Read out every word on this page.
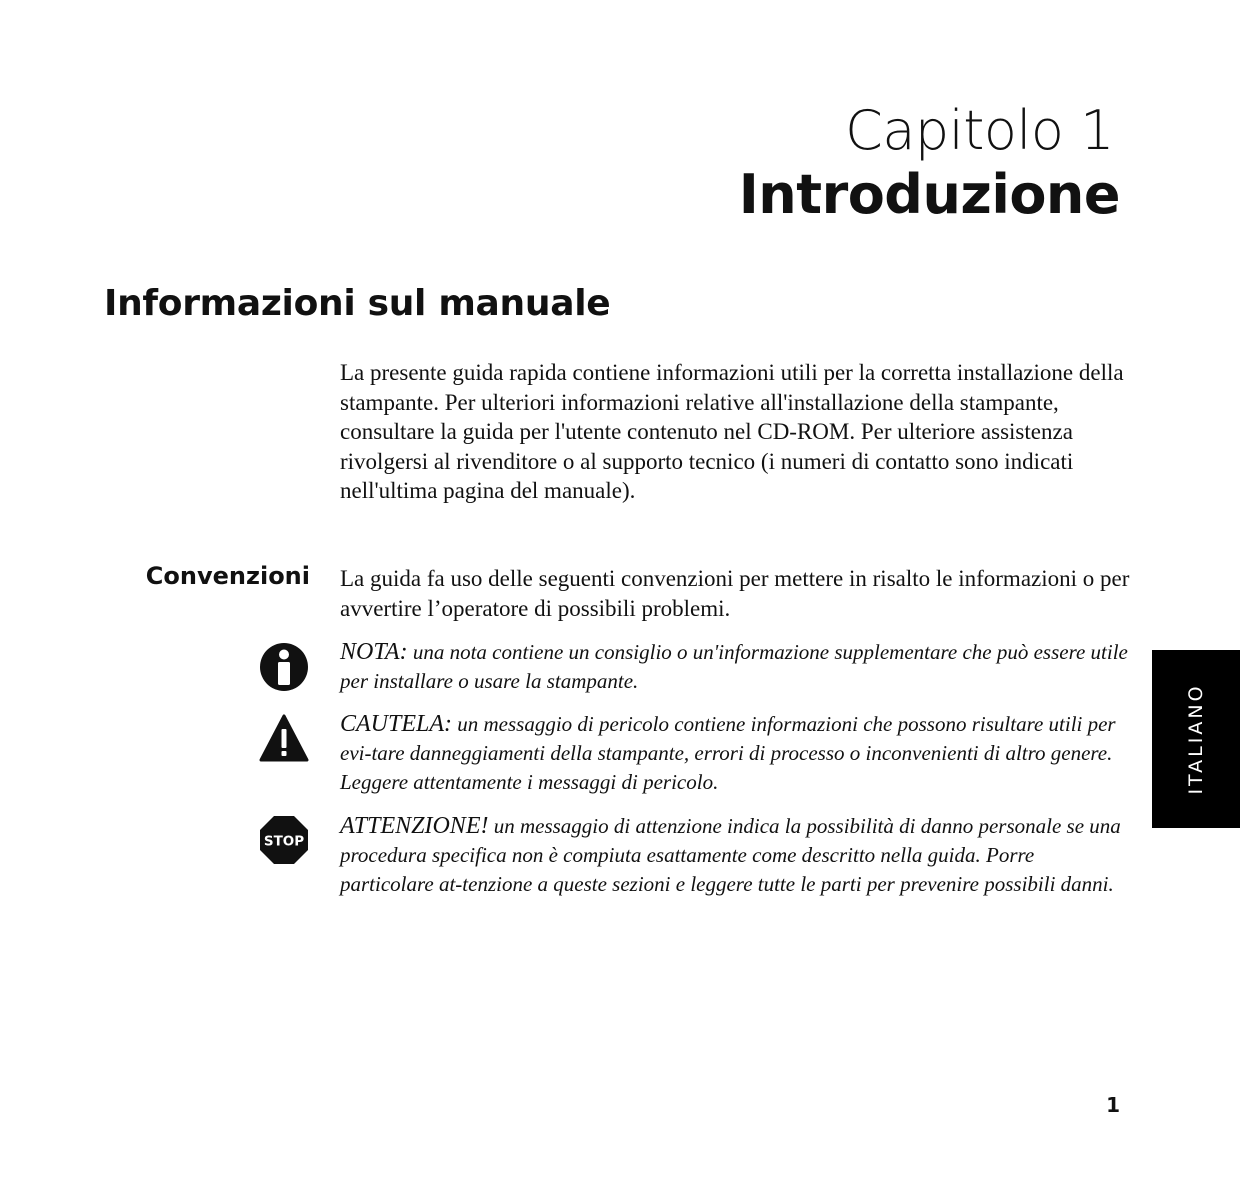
Capitolo 1
Introduzione
Informazioni sul manuale

La presente guida rapida contiene informazioni utili per la corretta installazione della stampante. Per ulteriori informazioni relative all'installazione della stampante, consultare la guida per l'utente contenuto nel CD-ROM. Per ulteriore assistenza rivolgersi al rivenditore o al supporto tecnico (i numeri di contatto sono indicati nell'ultima pagina del manuale).

Convenzioni La guida fa uso delle seguenti convenzioni per mettere in risalto le informazioni o per avvertire l’operatore di possibili problemi.

NOTA: una nota contiene un consiglio o un'informazione supplementare che può essere utile per installare o usare la stampante.

CAUTELA: un messaggio di pericolo contiene informazioni che possono risultare utili per evi-tare danneggiamenti della stampante, errori di processo o inconvenienti di altro genere. Leggere attentamente i messaggi di pericolo.

STOP

ATTENZIONE! un messaggio di attenzione indica la possibilità di danno personale se una procedura specifica non è compiuta esattamente come descritto nella guida. Porre particolare at-tenzione a queste sezioni e leggere tutte le parti per prevenire possibili danni.

ITALIANO
1
